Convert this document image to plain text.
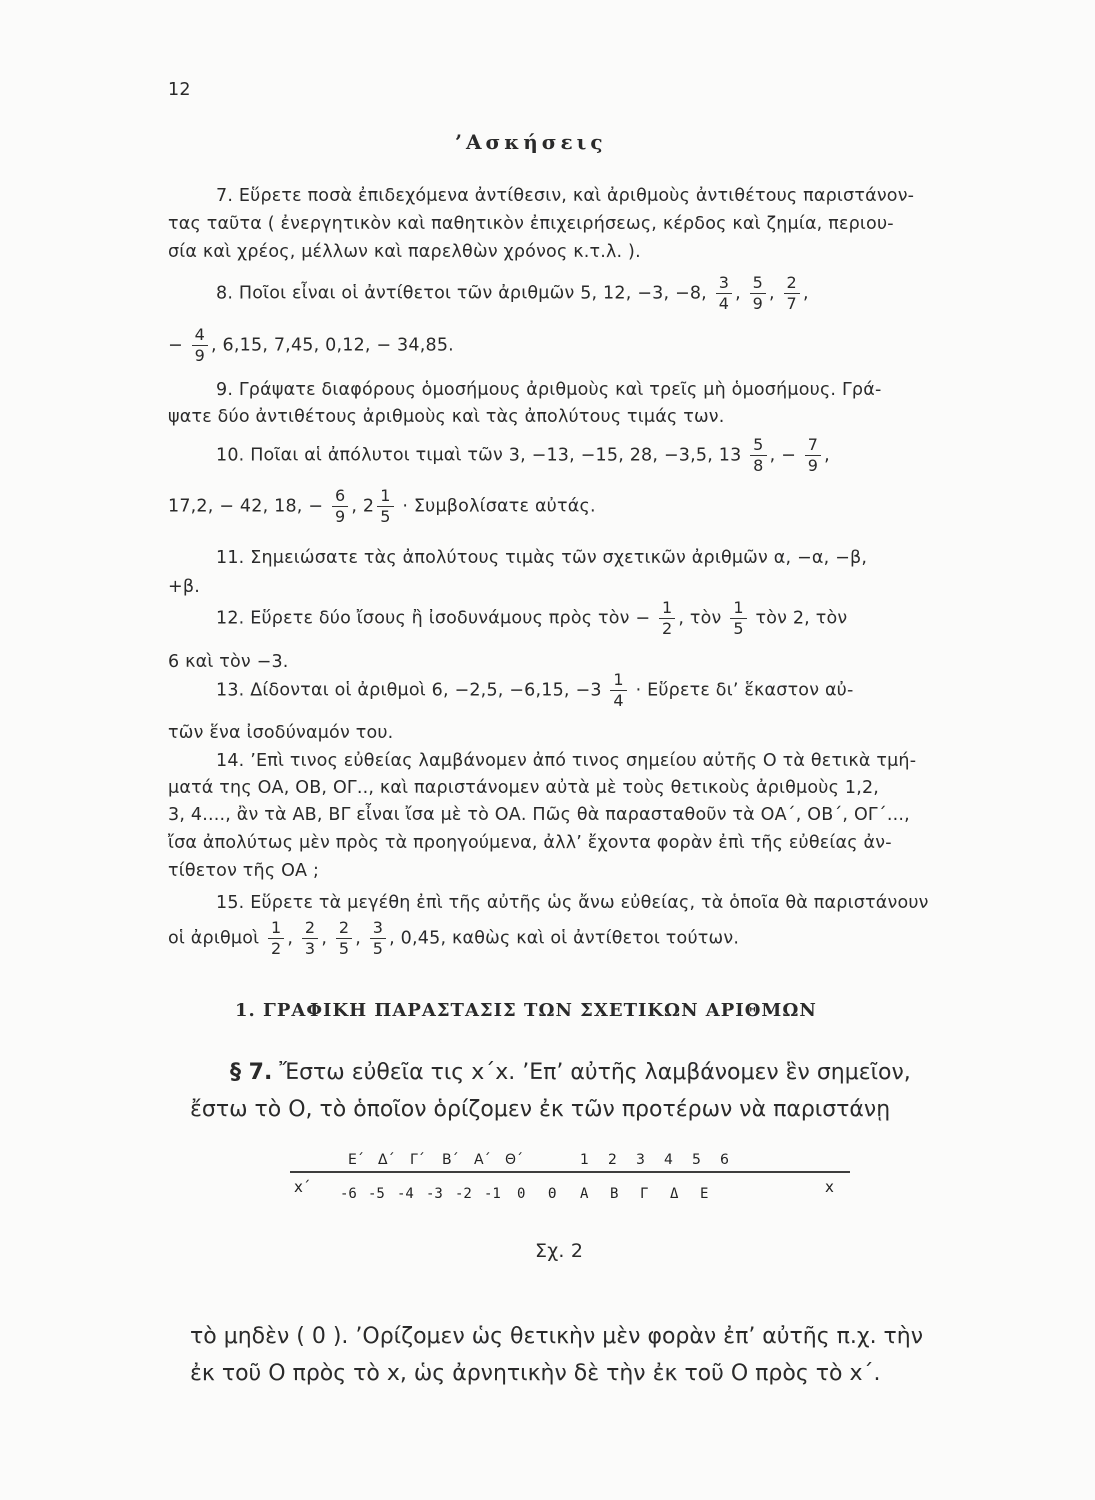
12
’Ασκήσεις
7. Εὕρετε ποσὰ ἐπιδεχόμενα ἀντίθεσιν, καὶ ἀριθμοὺς ἀντιθέτους παριστάνον-
τας ταῦτα ( ἐνεργητικὸν καὶ παθητικὸν ἐπιχειρήσεως, κέρδος καὶ ζημία, περιου-
σία καὶ χρέος, μέλλων καὶ παρελθὼν χρόνος κ.τ.λ. ).
8. Ποῖοι εἶναι οἱ ἀντίθετοι τῶν ἀριθμῶν 5, 12, −3, −8, $\frac{3}{4}$ , $\frac{5}{9}$ , $\frac{2}{7}$ ,
− $\frac{4}{9}$ , 6,15, 7,45, 0,12, − 34,85.
9. Γράψατε διαφόρους ὁμοσήμους ἀριθμοὺς καὶ τρεῖς μὴ ὁμοσήμους. Γρά-
ψατε δύο ἀντιθέτους ἀριθμοὺς καὶ τὰς ἀπολύτους τιμάς των.
10. Ποῖαι αἱ ἀπόλυτοι τιμαὶ τῶν 3, −13, −15, 28, −3,5, $13 \frac{5}{8}$ , − $\frac{7}{9}$ ,
17,2, − 42, 18, − $\frac{6}{9}$ , $2 \frac{1}{5} \cdot \Sigma\upsilon\mu\beta o\lambda ί\sigma\alpha\tau\varepsilon$ αὐτάς.
11. Σημειώσατε τὰς ἀπολύτους τιμὰς τῶν σχετικῶν ἀριθμῶν α, −α, −β,
+β.
12. Εὕρετε δύο ἴσους ἢ ἰσοδυνάμους πρὸς τὸν − $\frac{1}{2}$ , τὸν $\frac{1}{5}$ τὸν 2, τὸν
6 καὶ τὸν −3.
13. Δίδονται οἱ ἀριθμοὶ 6, −2,5, −6,15, $-3 \frac{1}{4}$ · Εὕρετε δι’ ἕκαστον αὐ-
τῶν ἕνα ἰσοδύναμόν του.
14. ’Επὶ τινος εὐθείας λαμβάνομεν ἀπό τινος σημείου αὐτῆς Ο τὰ θετικὰ τμή-
ματά της ΟΑ, ΟΒ, ΟΓ.., καὶ παριστάνομεν αὐτὰ μὲ τοὺς θετικοὺς ἀριθμοὺς 1,2,
3, 4...., ἂν τὰ ΑΒ, ΒΓ εἶναι ἴσα μὲ τὸ ΟΑ. Πῶς θὰ παρασταθοῦν τὰ ΟΑ΄, ΟΒ΄, ΟΓ΄...,
ἴσα ἀπολύτως μὲν πρὸς τὰ προηγούμενα, ἀλλ’ ἔχοντα φορὰν ἐπὶ τῆς εὐθείας ἀν-
τίθετον τῆς ΟΑ ;
15. Εὕρετε τὰ μεγέθη ἐπὶ τῆς αὐτῆς ὡς ἄνω εὐθείας, τὰ ὁποῖα θὰ παριστάνουν
οἱ ἀριθμοὶ $\frac{1}{2}$ , $\frac{2}{3}$ , $\frac{2}{5}$ , $\frac{3}{5}$ , 0,45, καθὼς καὶ οἱ ἀντίθετοι τούτων.
1. ΓΡΑΦΙΚΗ ΠΑΡΑΣΤΑΣΙΣ ΤΩΝ ΣΧΕΤΙΚΩΝ ΑΡΙΘΜΩΝ
§ 7. Ἔστω εὐθεῖα τις x΄x. ’Επ’ αὐτῆς λαμβάνομεν ἓν σημεῖον,
ἔστω τὸ Ο, τὸ ὁποῖον ὁρίζομεν ἐκ τῶν προτέρων νὰ παριστάνῃ
Ε΄ Δ΄ Γ΄ Β΄ Α΄ Θ΄	1 2 3 4 5 6
-6 -5 -4 -3 -2 -1 0 Θ Α Β Γ Δ Ε
x΄	x
Σχ. 2
τὸ μηδὲν ( 0 ). ’Ορίζομεν ὡς θετικὴν μὲν φορὰν ἐπ’ αὐτῆς π.χ. τὴν
ἐκ τοῦ Ο πρὸς τὸ x, ὡς ἀρνητικὴν δὲ τὴν ἐκ τοῦ Ο πρὸς τὸ x΄.
